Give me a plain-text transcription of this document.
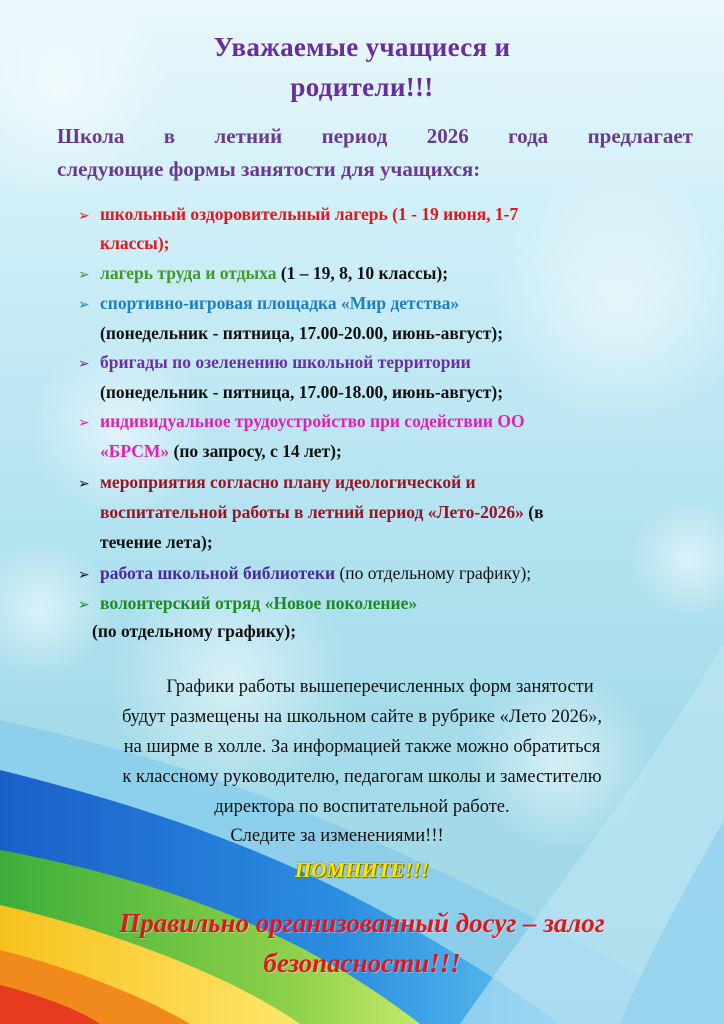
Уважаемые учащиеся и
родители!!!
Школа в летний период 2026 года предлагает
следующие формы занятости для учащихся:
➢ школьный оздоровительный лагерь (1 - 19 июня, 1-7
классы);
➢ лагерь труда и отдыха (1 – 19, 8, 10 классы);
➢ спортивно-игровая площадка «Мир детства»
(понедельник - пятница, 17.00-20.00, июнь-август);
➢ бригады по озеленению школьной территории
(понедельник - пятница, 17.00-18.00, июнь-август);
➢ индивидуальное трудоустройство при содействии ОО
«БРСМ» (по запросу, с 14 лет);
➢ мероприятия согласно плану идеологической и
воспитательной работы в летний период «Лето-2026» (в
течение лета);
➢ работа школьной библиотеки (по отдельному графику);
➢ волонтерский отряд «Новое поколение»
(по отдельному графику);
Графики работы вышеперечисленных форм занятости
будут размещены на школьном сайте в рубрике «Лето 2026»,
на ширме в холле. За информацией также можно обратиться
к классному руководителю, педагогам школы и заместителю
директора по воспитательной работе.
Следите за изменениями!!!
ПОМНИТЕ!!!
Правильно организованный досуг – залог
безопасности!!!
